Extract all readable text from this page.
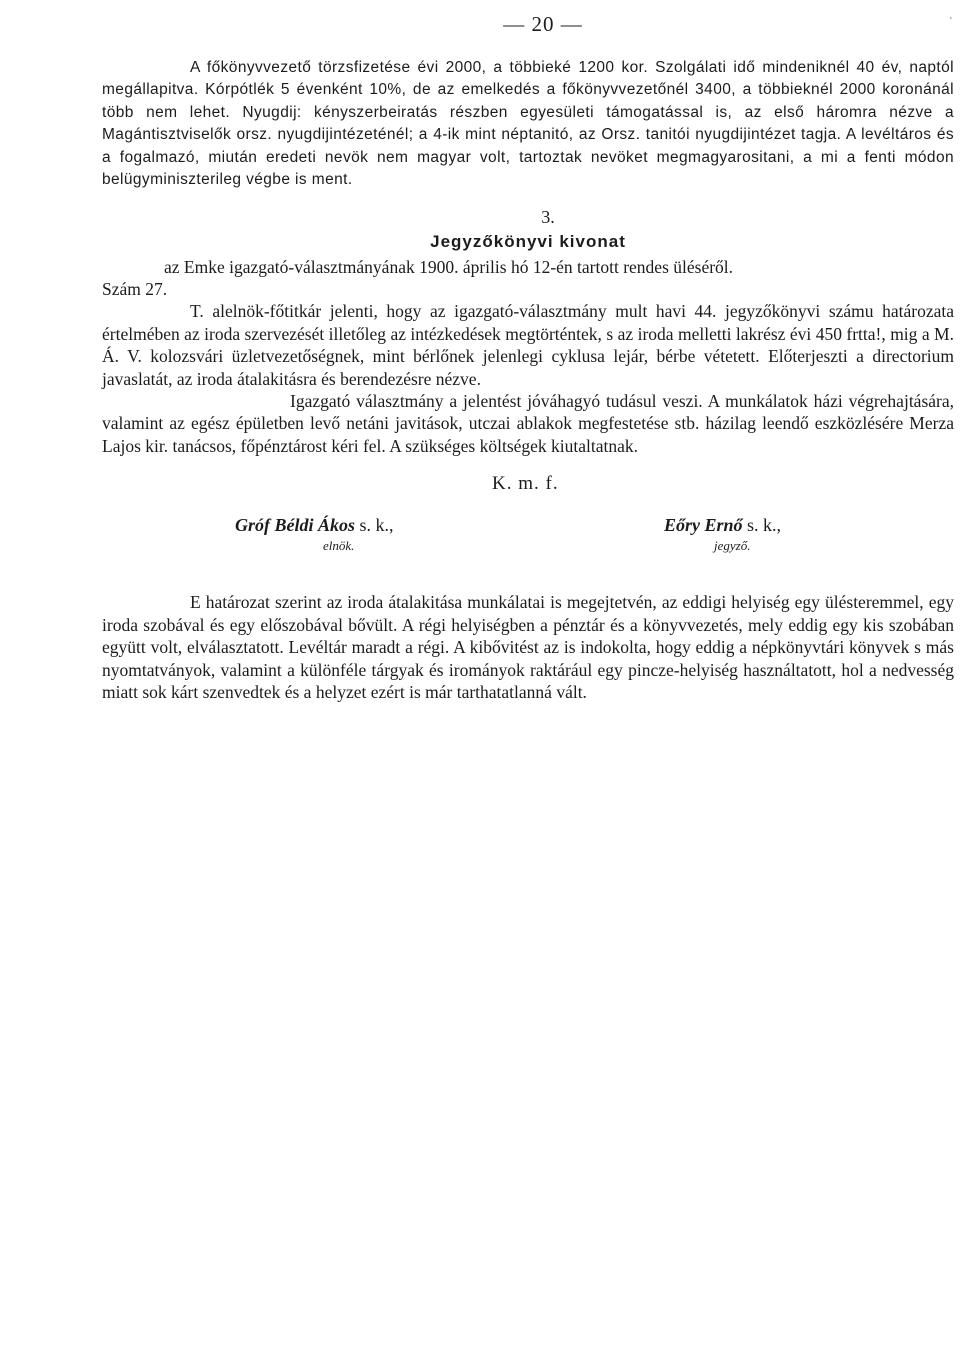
'
— 20 —

A főkönyvvezető törzsfizetése évi 2000, a többieké 1200 kor. Szolgálati idő mindeniknél 40 év, naptól megállapitva. Kórpótlék 5 évenként 10%, de az emelkedés a főkönyvvezetőnél 3400, a többieknél 2000 koronánál több nem lehet. Nyugdij: kényszerbeiratás részben egyesületi támogatással is, az első háromra nézve a Magántisztviselők orsz. nyugdijintézeténél; a 4-ik mint néptanitó, az Orsz. tanitói nyugdijintézet tagja. A levéltáros és a fogalmazó, miután eredeti nevök nem magyar volt, tartoztak nevöket megmagyarositani, a mi a fenti módon belügyminiszterileg végbe is ment.

3.
Jegyzőkönyvi kivonat
az Emke igazgató-választmányának 1900. április hó 12-én tartott rendes üléséről.
Szám 27.

T. alelnök-főtitkár jelenti, hogy az igazgató-választmány mult havi 44. jegyzőkönyvi számu határozata értelmében az iroda szervezését illetőleg az intézkedések megtörténtek, s az iroda melletti lakrész évi 450 frtta!, mig a M. Á. V. kolozsvári üzletvezetőségnek, mint bérlőnek jelenlegi cyklusa lejár, bérbe vétetett. Előterjeszti a directorium javaslatát, az iroda átalakitásra és berendezésre nézve.

Igazgató választmány a jelentést jóváhagyó tudásul veszi. A munkálatok házi végrehajtására, valamint az egész épületben levő netáni javitások, utczai ablakok megfestetése stb. házilag leendő eszközlésére Merza Lajos kir. tanácsos, főpénztárost kéri fel. A szükséges költségek kiutaltatnak.

K. m. f.
Gróf Béldi Ákos s. k.,
elnök.
Eőry Ernő s. k.,
jegyző.

E határozat szerint az iroda átalakitása munkálatai is megejtetvén, az eddigi helyiség egy ülésteremmel, egy iroda szobával és egy előszobával bővült. A régi helyiségben a pénztár és a könyvvezetés, mely eddig egy kis szobában együtt volt, elválasztatott. Levéltár maradt a régi. A kibővitést az is indokolta, hogy eddig a népkönyvtári könyvek s más nyomtatványok, valamint a különféle tárgyak és irományok raktárául egy pincze-helyiség használtatott, hol a nedvesség miatt sok kárt szenvedtek és a helyzet ezért is már tarthatatlanná vált.
